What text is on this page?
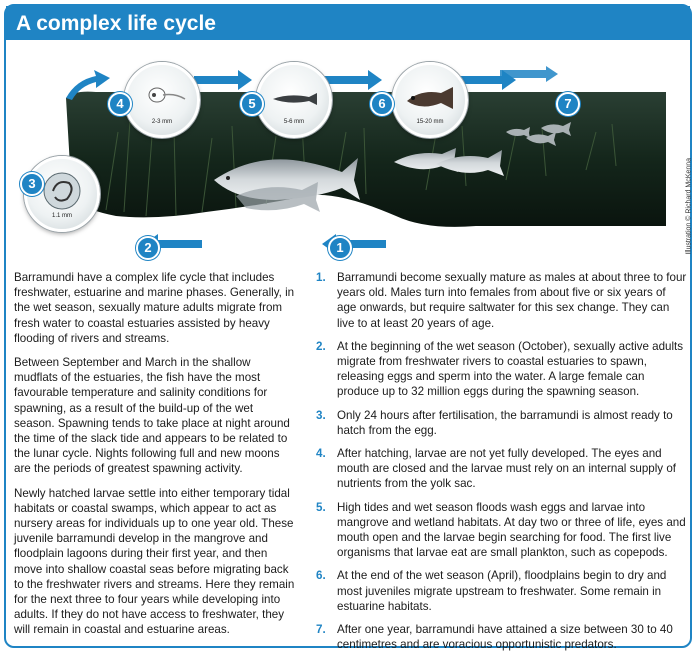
A complex life cycle
1.1 mm
2-3 mm	5-6 mm	15-20 mm
1
2
3
4	5	6	7
Illustration © Richard McKenna

Barramundi have a complex life cycle that includes freshwater, estuarine and marine phases. Generally, in the wet season, sexually mature adults migrate from fresh water to coastal estuaries assisted by heavy flooding of rivers and streams.

Between September and March in the shallow mudflats of the estuaries, the fish have the most favourable temperature and salinity conditions for spawning, as a result of the build-up of the wet season. Spawning tends to take place at night around the time of the slack tide and appears to be related to the lunar cycle. Nights following full and new moons are the periods of greatest spawning activity.

Newly hatched larvae settle into either temporary tidal habitats or coastal swamps, which appear to act as nursery areas for individuals up to one year old. These juvenile barramundi develop in the mangrove and floodplain lagoons during their first year, and then move into shallow coastal seas before migrating back to the freshwater rivers and streams. Here they remain for the next three to four years while developing into adults. If they do not have access to freshwater, they will remain in coastal and estuarine areas.

1. Barramundi become sexually mature as males at about three to four years old. Males turn into females from about five or six years of age onwards, but require saltwater for this sex change. They can live to at least 20 years of age.
2. At the beginning of the wet season (October), sexually active adults migrate from freshwater rivers to coastal estuaries to spawn, releasing eggs and sperm into the water. A large female can produce up to 32 million eggs during the spawning season.
3. Only 24 hours after fertilisation, the barramundi is almost ready to hatch from the egg.
4. After hatching, larvae are not yet fully developed. The eyes and mouth are closed and the larvae must rely on an internal supply of nutrients from the yolk sac.
5. High tides and wet season floods wash eggs and larvae into mangrove and wetland habitats. At day two or three of life, eyes and mouth open and the larvae begin searching for food. The first live organisms that larvae eat are small plankton, such as copepods.
6. At the end of the wet season (April), floodplains begin to dry and most juveniles migrate upstream to freshwater. Some remain in estuarine habitats.
7. After one year, barramundi have attained a size between 30 to 40 centimetres and are voracious opportunistic predators.
